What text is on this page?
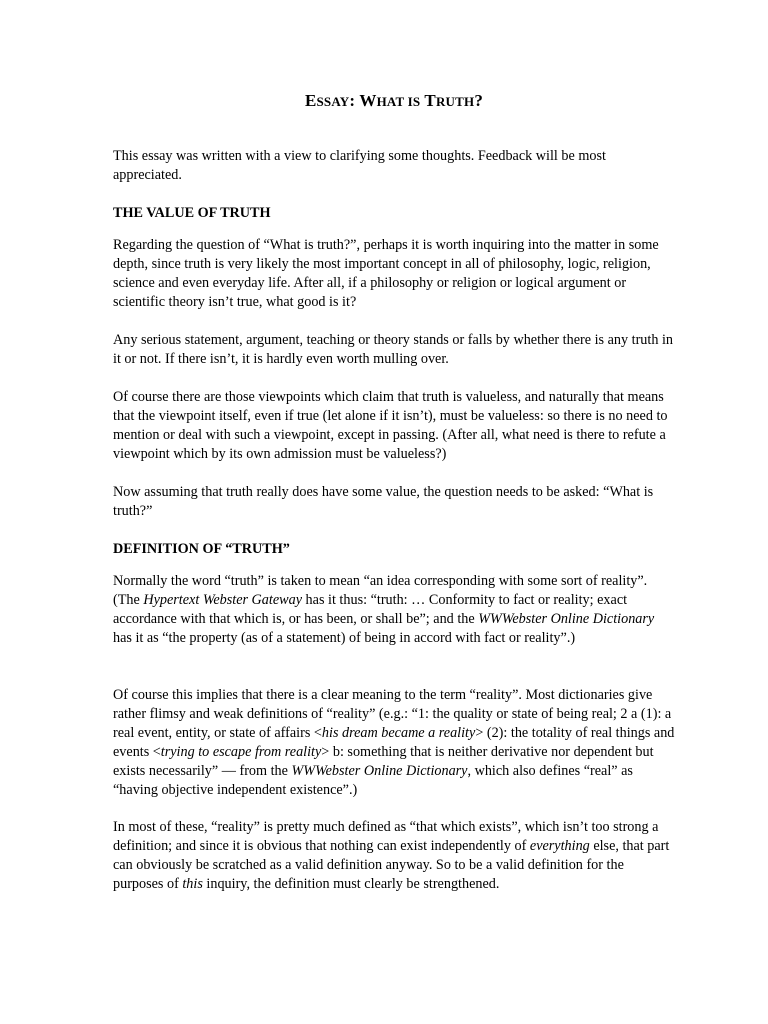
ESSAY: WHAT IS TRUTH?

This essay was written with a view to clarifying some thoughts. Feedback will be most appreciated.

THE VALUE OF TRUTH

Regarding the question of “What is truth?”, perhaps it is worth inquiring into the matter in some depth, since truth is very likely the most important concept in all of philosophy, logic, religion, science and even everyday life. After all, if a philosophy or religion or logical argument or scientific theory isn’t true, what good is it?

Any serious statement, argument, teaching or theory stands or falls by whether there is any truth in it or not. If there isn’t, it is hardly even worth mulling over.

Of course there are those viewpoints which claim that truth is valueless, and naturally that means that the viewpoint itself, even if true (let alone if it isn’t), must be valueless: so there is no need to mention or deal with such a viewpoint, except in passing. (After all, what need is there to refute a viewpoint which by its own admission must be valueless?)

Now assuming that truth really does have some value, the question needs to be asked: “What is truth?”

DEFINITION OF “TRUTH”

Normally the word “truth” is taken to mean “an idea corresponding with some sort of reality”. (The Hypertext Webster Gateway has it thus: “truth: … Conformity to fact or reality; exact accordance with that which is, or has been, or shall be”; and the WWWebster Online Dictionary has it as “the property (as of a statement) of being in accord with fact or reality”.)

Of course this implies that there is a clear meaning to the term “reality”. Most dictionaries give rather flimsy and weak definitions of “reality” (e.g.: “1: the quality or state of being real; 2 a (1): a real event, entity, or state of affairs <his dream became a reality> (2): the totality of real things and events <trying to escape from reality> b: something that is neither derivative nor dependent but exists necessarily” — from the WWWebster Online Dictionary, which also defines “real” as “having objective independent existence”.)

In most of these, “reality” is pretty much defined as “that which exists”, which isn’t too strong a definition; and since it is obvious that nothing can exist independently of everything else, that part can obviously be scratched as a valid definition anyway. So to be a valid definition for the purposes of this inquiry, the definition must clearly be strengthened.
